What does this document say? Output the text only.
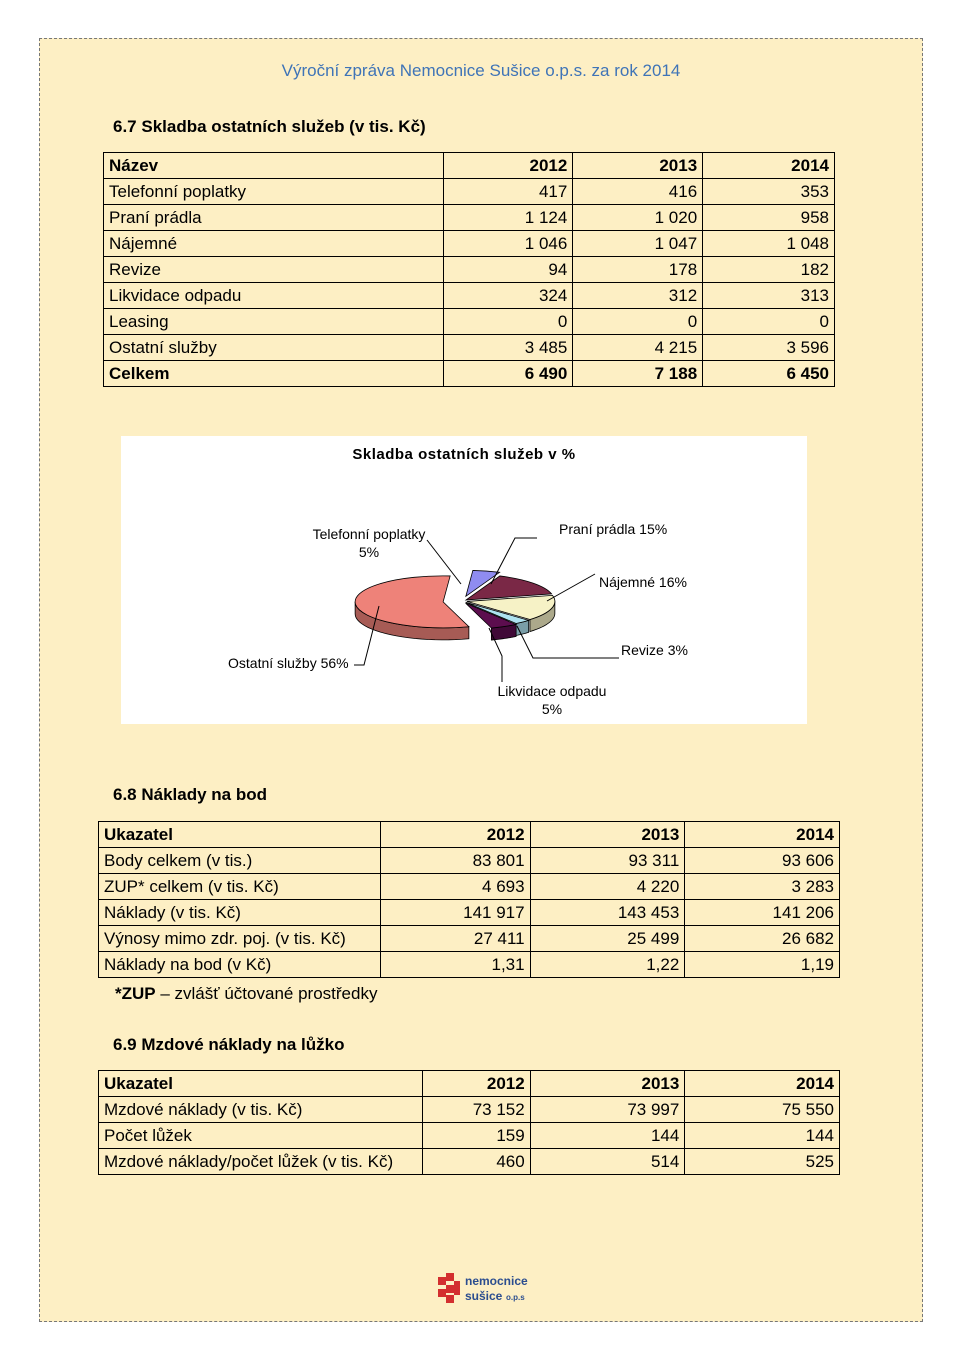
Výroční zpráva Nemocnice Sušice o.p.s. za rok 2014
6.7 Skladba ostatních služeb (v tis. Kč)
Název	2012	2013	2014
Telefonní poplatky	417	416	353
Praní prádla	1 124	1 020	958
Nájemné	1 046	1 047	1 048
Revize	94	178	182
Likvidace odpadu	324	312	313
Leasing	0	0	0
Ostatní služby	3 485	4 215	3 596
Celkem	6 490	7 188	6 450
Skladba ostatních služeb v %
Telefonní poplatky
5%
Praní prádla 15%
Nájemné 16%
Revize 3%
Likvidace odpadu
5%
Ostatní služby 56%
6.8 Náklady na bod
Ukazatel	2012	2013	2014
Body celkem (v tis.)	83 801	93 311	93 606
ZUP* celkem (v tis. Kč)	4 693	4 220	3 283
Náklady (v tis. Kč)	141 917	143 453	141 206
Výnosy mimo zdr. poj. (v tis. Kč)	27 411	25 499	26 682
Náklady na bod (v Kč)	1,31	1,22	1,19
*ZUP – zvlášť účtované prostředky
6.9 Mzdové náklady na lůžko
Ukazatel	2012	2013	2014
Mzdové náklady (v tis. Kč)	73 152	73 997	75 550
Počet lůžek	159	144	144
Mzdové náklady/počet lůžek (v tis. Kč)	460	514	525
nemocnice
sušice o.p.s
